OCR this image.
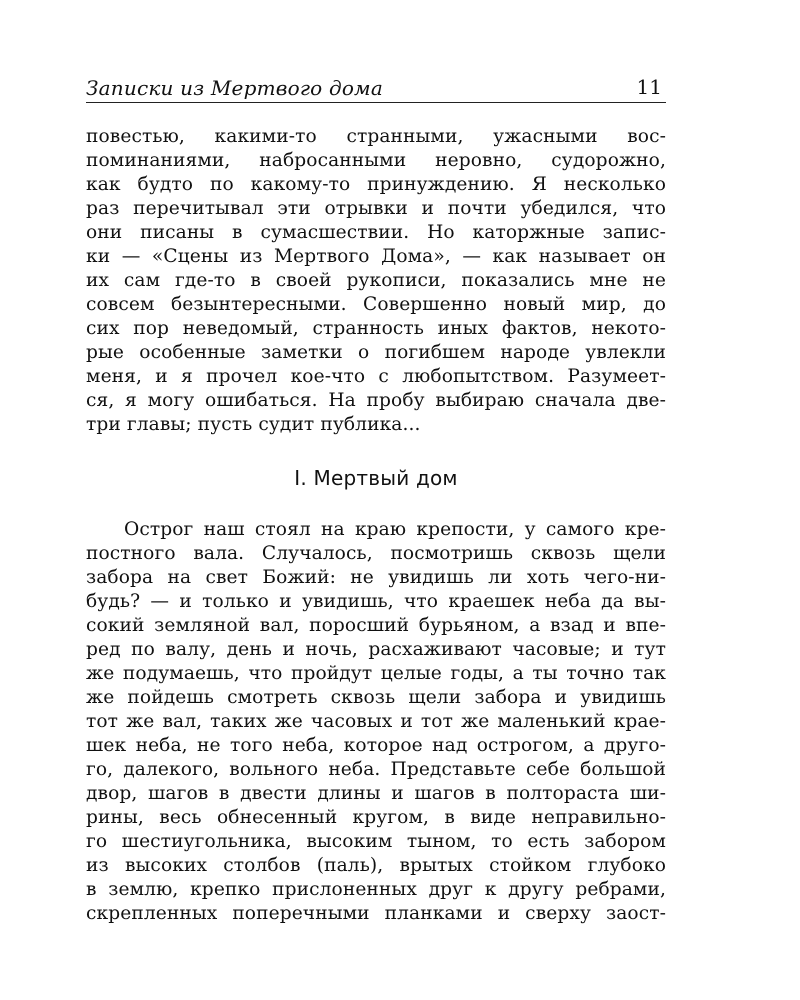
Записки из Мертвого дома	11
повестью, какими-то странными, ужасными вос-
поминаниями, набросанными неровно, судорожно,
как будто по какому-то принуждению. Я несколько
раз перечитывал эти отрывки и почти убедился, что
они писаны в сумасшествии. Но каторжные запис-
ки — «Сцены из Мертвого Дома», — как называет он
их сам где-то в своей рукописи, показались мне не
совсем безынтересными. Совершенно новый мир, до
сих пор неведомый, странность иных фактов, некото-
рые особенные заметки о погибшем народе увлекли
меня, и я прочел кое-что с любопытством. Разумеет-
ся, я могу ошибаться. На пробу выбираю сначала две-
три главы; пусть судит публика...
I. Мертвый дом
Острог наш стоял на краю крепости, у самого кре-
постного вала. Случалось, посмотришь сквозь щели
забора на свет Божий: не увидишь ли хоть чего-ни-
будь? — и только и увидишь, что краешек неба да вы-
сокий земляной вал, поросший бурьяном, а взад и впе-
ред по валу, день и ночь, расхаживают часовые; и тут
же подумаешь, что пройдут целые годы, а ты точно так
же пойдешь смотреть сквозь щели забора и увидишь
тот же вал, таких же часовых и тот же маленький крае-
шек неба, не того неба, которое над острогом, а друго-
го, далекого, вольного неба. Представьте себе большой
двор, шагов в двести длины и шагов в полтораста ши-
рины, весь обнесенный кругом, в виде неправильно-
го шестиугольника, высоким тыном, то есть забором
из высоких столбов (паль), врытых стойком глубоко
в землю, крепко прислоненных друг к другу ребрами,
скрепленных поперечными планками и сверху заост-
